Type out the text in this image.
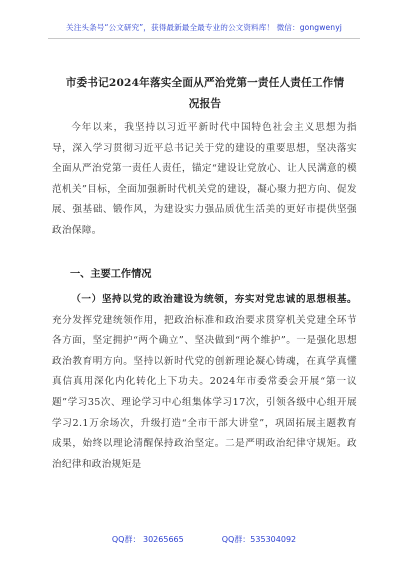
关注头条号“公文研究”，获得最新最全最专业的公文资料库！ 微信：gongwenyj
市委书记2024年落实全面从严治党第一责任人责任工作情
况报告
今年以来，我坚持以习近平新时代中国特色社会主义思想为指导，深入学习贯彻习近平总书记关于党的建设的重要思想，坚决落实全面从严治党第一责任人责任，锚定“建设让党放心、让人民满意的模范机关”目标，全面加强新时代机关党的建设，凝心聚力把方向、促发展、强基础、锻作风，为建设实力强品质优生活美的更好市提供坚强政治保障。
一、主要工作情况
（一）坚持以党的政治建设为统领，夯实对党忠诚的思想根基。充分发挥党建统领作用，把政治标准和政治要求贯穿机关党建全环节各方面，坚定拥护“两个确立”、坚决做到“两个维护”。一是强化思想政治教育明方向。坚持以新时代党的创新理论凝心铸魂，在真学真懂真信真用深化内化转化上下功夫。2024年市委常委会开展“第一议题”学习35次、理论学习中心组集体学习17次，引领各级中心组开展学习2.1万余场次，升级打造“全市干部大讲堂”，巩固拓展主题教育成果，始终以理论清醒保持政治坚定。二是严明政治纪律守规矩。政治纪律和政治规矩是
QQ群： 30265665	QQ群：535304092
